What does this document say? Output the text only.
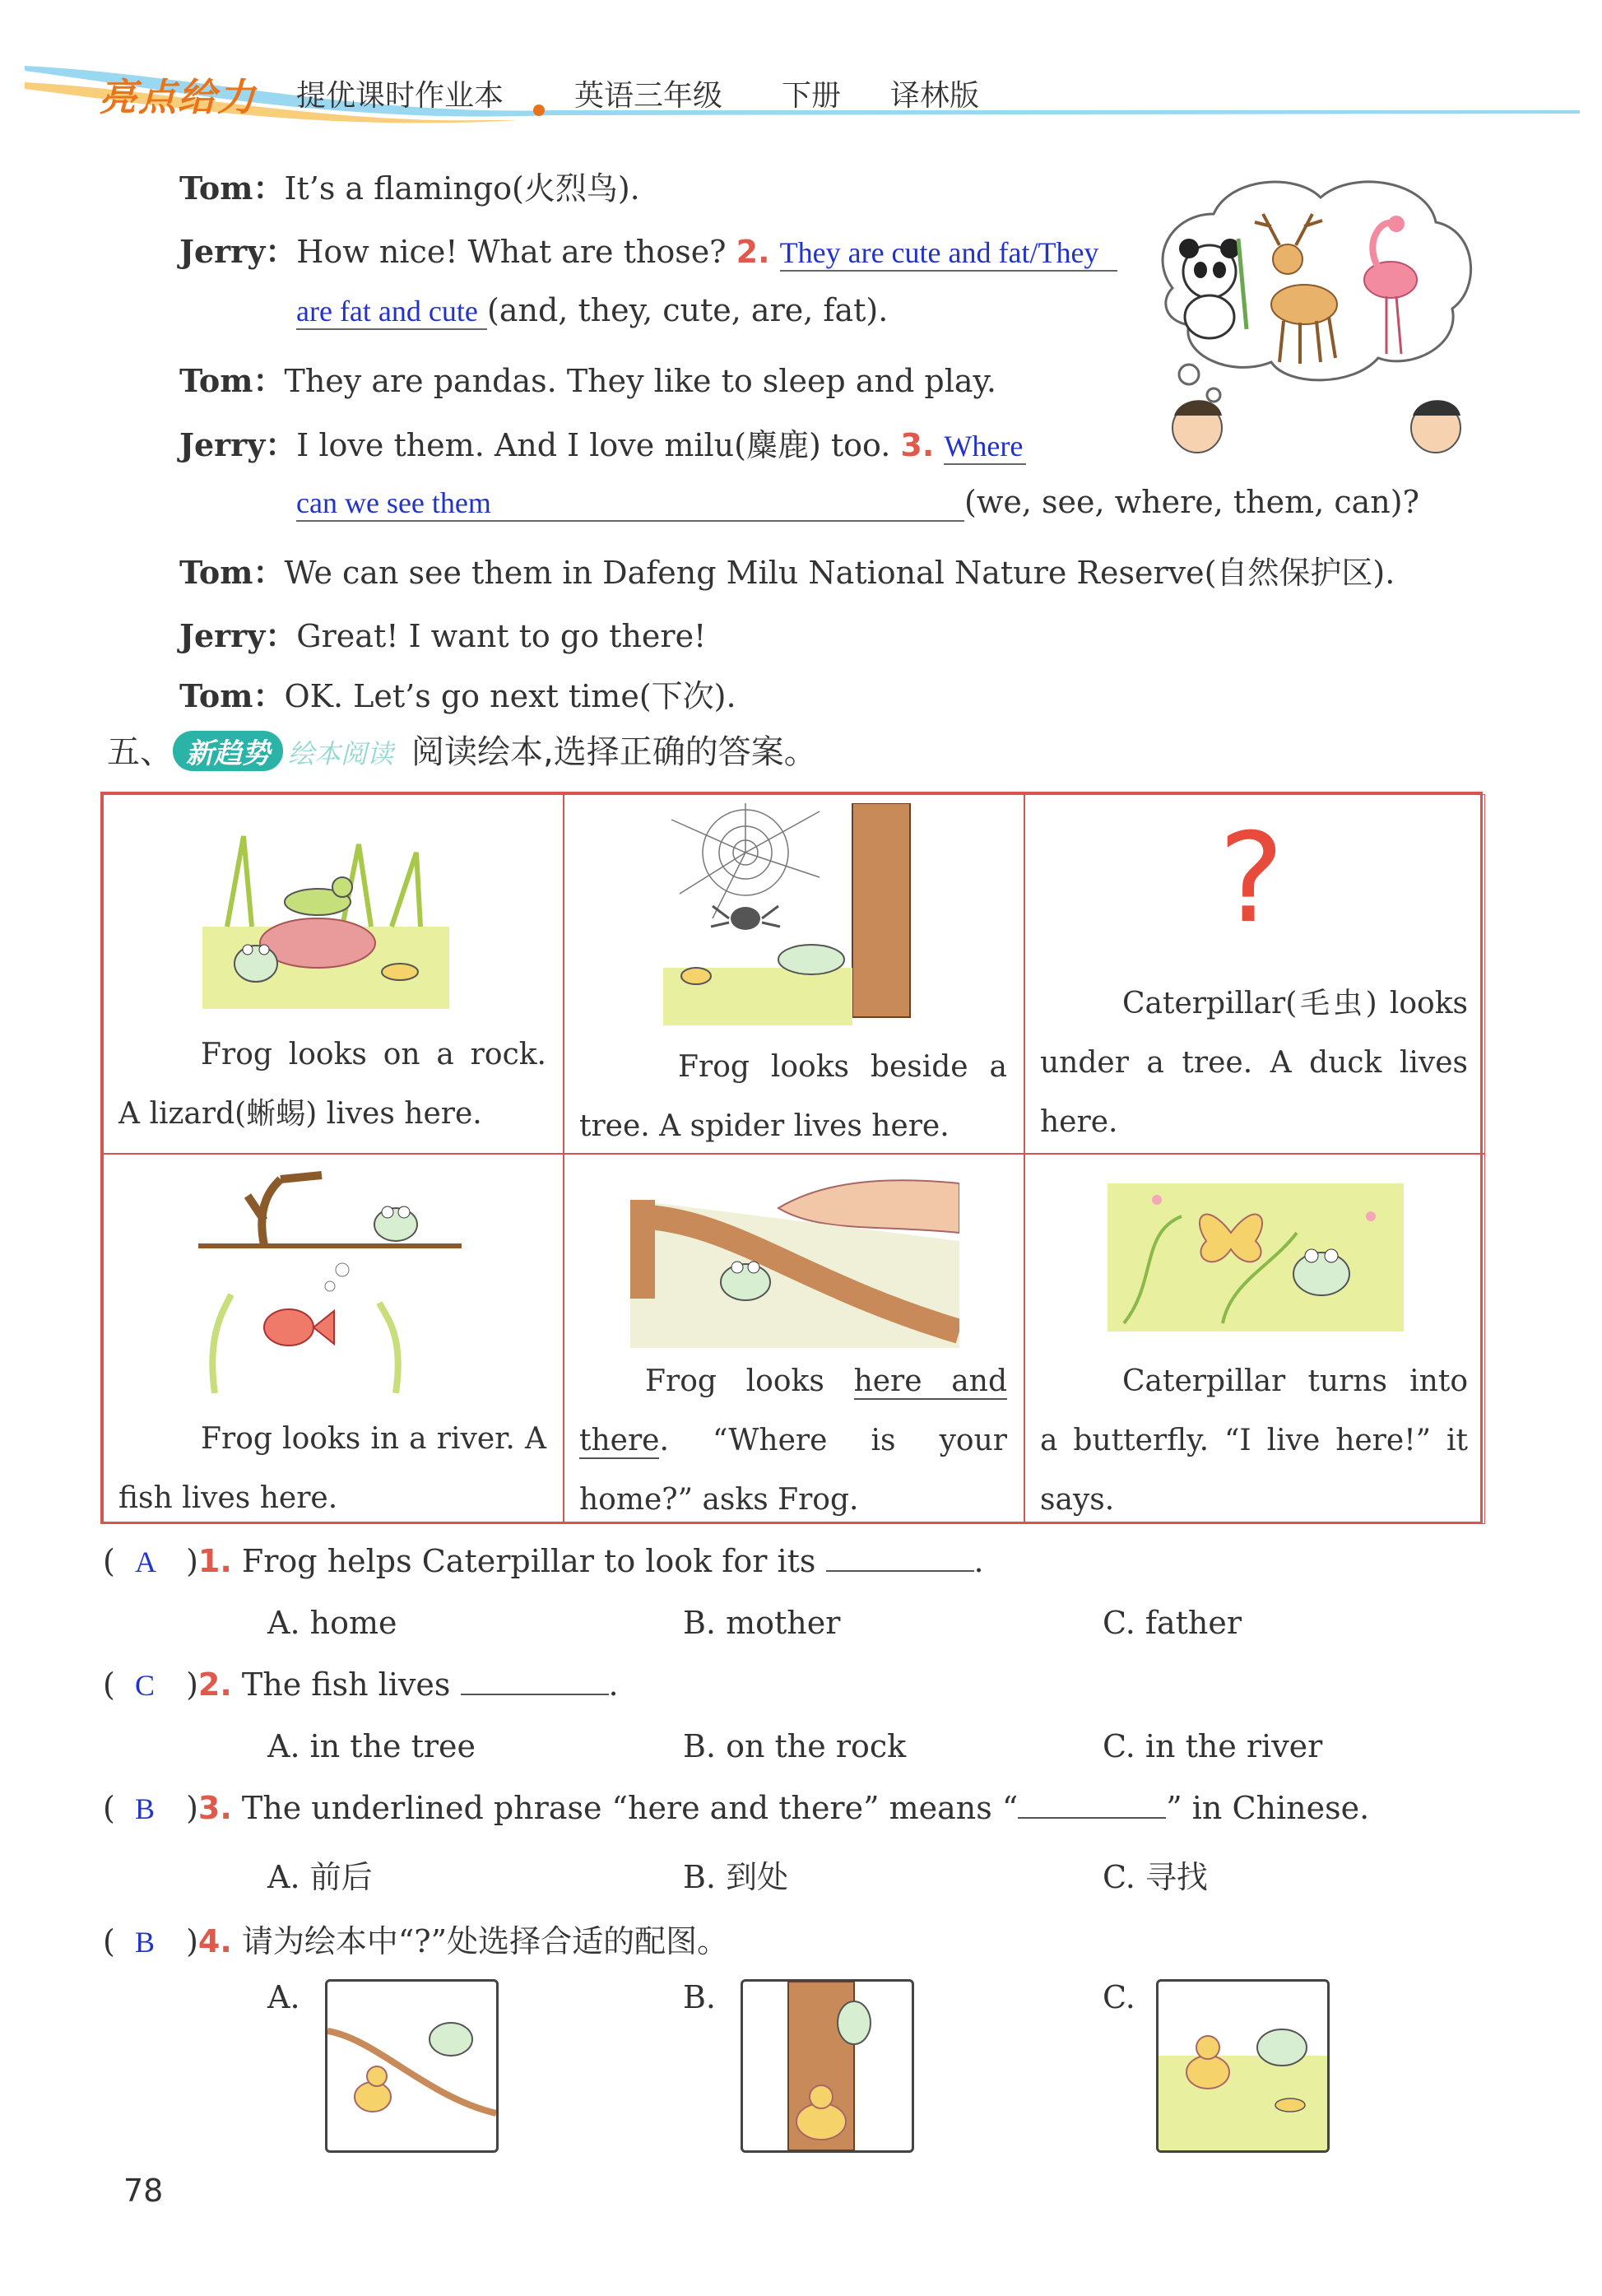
亮点给力 提优课时作业本 英语三年级 下册 译林版
Tom：It’s a flamingo(火烈鸟).
Jerry：How nice! What are those? 2. They are cute and fat/They
are fat and cute (and, they, cute, are, fat).
Tom：They are pandas. They like to sleep and play.
Jerry：I love them. And I love milu(麋鹿) too. 3. Where
can we see them	(we, see, where, them, can)?
Tom：We can see them in Dafeng Milu National Nature Reserve(自然保护区).
Jerry：Great! I want to go there!
Tom：OK. Let’s go next time(下次).
五、 新趋势 绘本阅读 阅读绘本,选择正确的答案。
Frog looks on a rock. A lizard(蜥蜴) lives here.
Frog looks beside a tree. A spider lives here.
?
Caterpillar(毛虫) looks under a tree. A duck lives here.
Frog looks in a river. A fish lives here.
Frog looks here and there. “Where is your home?” asks Frog.
Caterpillar turns into a butterfly. “I live here!” it says.
(  A )1. Frog helps Caterpillar to look for its	.
A. home	B. mother	C. father
(  C )2. The fish lives	.
A. in the tree	B. on the rock	C. in the river
(  B )3. The underlined phrase “here and there” means “	” in Chinese.
A. 前后	B. 到处	C. 寻找
(  B )4. 请为绘本中“?”处选择合适的配图。
A.	B.	C.
78
